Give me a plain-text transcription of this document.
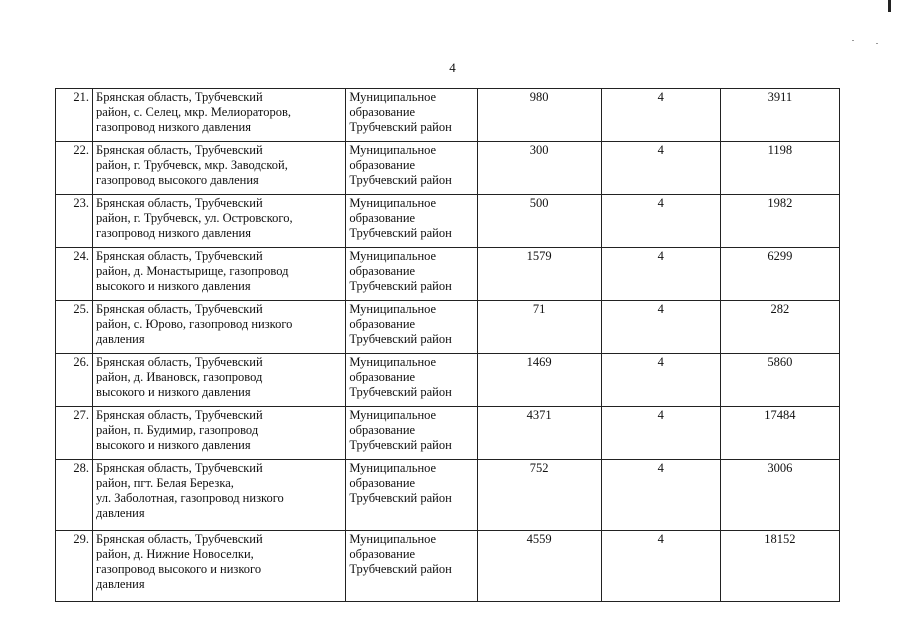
4
21.	Брянская область, Трубчевский
район, с. Селец, мкр. Мелиораторов,
газопровод низкого давления	Муниципальное
образование
Трубчевский район	980	4	3911

22.	Брянская область, Трубчевский
район, г. Трубчевск, мкр. Заводской,
газопровод высокого давления	Муниципальное
образование
Трубчевский район	300	4	1198

23.	Брянская область, Трубчевский
район, г. Трубчевск, ул. Островского,
газопровод низкого давления	Муниципальное
образование
Трубчевский район	500	4	1982

24.	Брянская область, Трубчевский
район, д. Монастырище, газопровод
высокого и низкого давления	Муниципальное
образование
Трубчевский район	1579	4	6299

25.	Брянская область, Трубчевский
район, с. Юрово, газопровод низкого
давления	Муниципальное
образование
Трубчевский район	71	4	282

26.	Брянская область, Трубчевский
район, д. Ивановск, газопровод
высокого и низкого давления	Муниципальное
образование
Трубчевский район	1469	4	5860

27.	Брянская область, Трубчевский
район, п. Будимир, газопровод
высокого и низкого давления	Муниципальное
образование
Трубчевский район	4371	4	17484

28.	Брянская область, Трубчевский
район, пгт. Белая Березка,
ул. Заболотная, газопровод низкого
давления	Муниципальное
образование
Трубчевский район	752	4	3006

29.	Брянская область, Трубчевский
район, д. Нижние Новоселки,
газопровод высокого и низкого
давления	Муниципальное
образование
Трубчевский район	4559	4	18152
